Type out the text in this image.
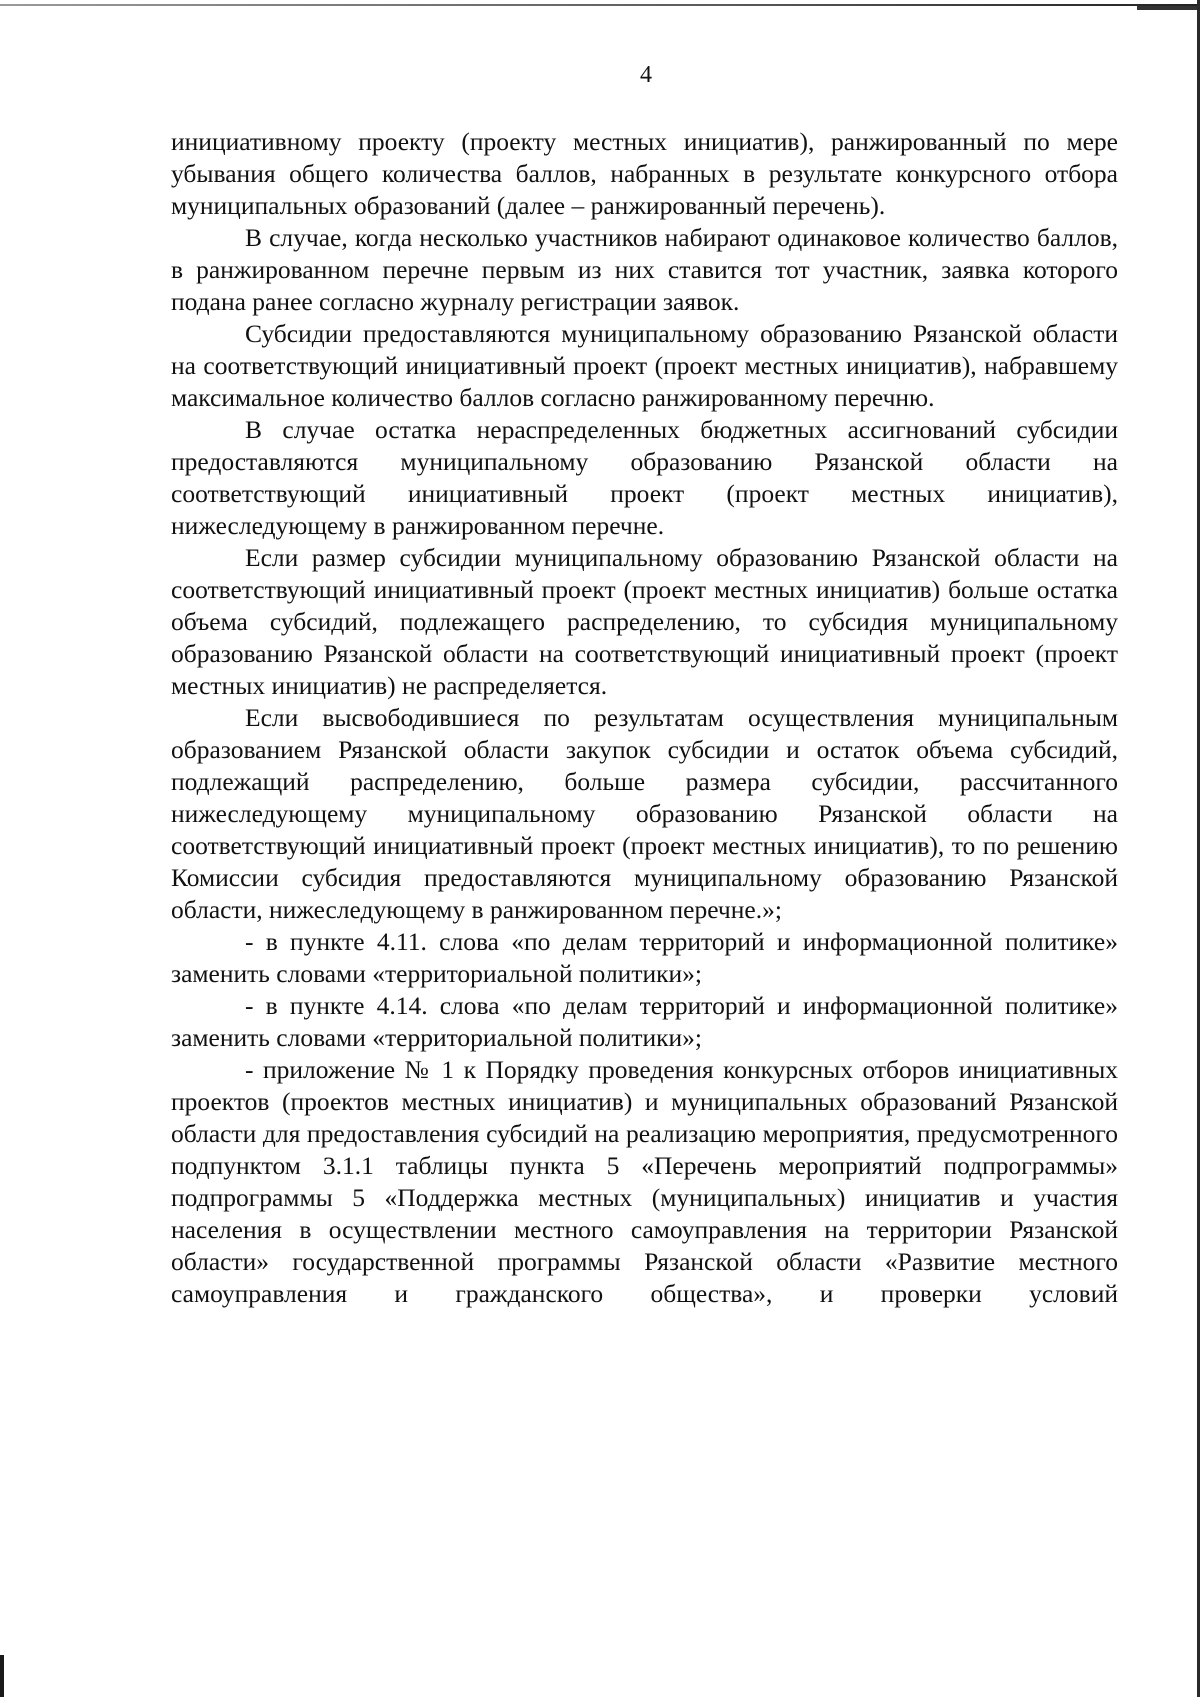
4

инициативному проекту (проекту местных инициатив), ранжированный по мере убывания общего количества баллов, набранных в результате конкурсного отбора муниципальных образований (далее – ранжированный перечень).

В случае, когда несколько участников набирают одинаковое количество баллов, в ранжированном перечне первым из них ставится тот участник, заявка которого подана ранее согласно журналу регистрации заявок.

Субсидии предоставляются муниципальному образованию Рязанской области на соответствующий инициативный проект (проект местных инициатив), набравшему максимальное количество баллов согласно ранжированному перечню.

В случае остатка нераспределенных бюджетных ассигнований субсидии предоставляются муниципальному образованию Рязанской области на соответствующий инициативный проект (проект местных инициатив), нижеследующему в ранжированном перечне.

Если размер субсидии муниципальному образованию Рязанской области на соответствующий инициативный проект (проект местных инициатив) больше остатка объема субсидий, подлежащего распределению, то субсидия муниципальному образованию Рязанской области на соответствующий инициативный проект (проект местных инициатив) не распределяется.

Если высвободившиеся по результатам осуществления муниципальным образованием Рязанской области закупок субсидии и остаток объема субсидий, подлежащий распределению, больше размера субсидии, рассчитанного нижеследующему муниципальному образованию Рязанской области на соответствующий инициативный проект (проект местных инициатив), то по решению Комиссии субсидия предоставляются муниципальному образованию Рязанской области, нижеследующему в ранжированном перечне.»;

- в пункте 4.11. слова «по делам территорий и информационной политике» заменить словами «территориальной политики»;

- в пункте 4.14. слова «по делам территорий и информационной политике» заменить словами «территориальной политики»;

- приложение № 1 к Порядку проведения конкурсных отборов инициативных проектов (проектов местных инициатив) и муниципальных образований Рязанской области для предоставления субсидий на реализацию мероприятия, предусмотренного подпунктом 3.1.1 таблицы пункта 5 «Перечень мероприятий подпрограммы» подпрограммы 5 «Поддержка местных (муниципальных) инициатив и участия населения в осуществлении местного самоуправления на территории Рязанской области» государственной программы Рязанской области «Развитие местного самоуправления и гражданского общества», и проверки условий
